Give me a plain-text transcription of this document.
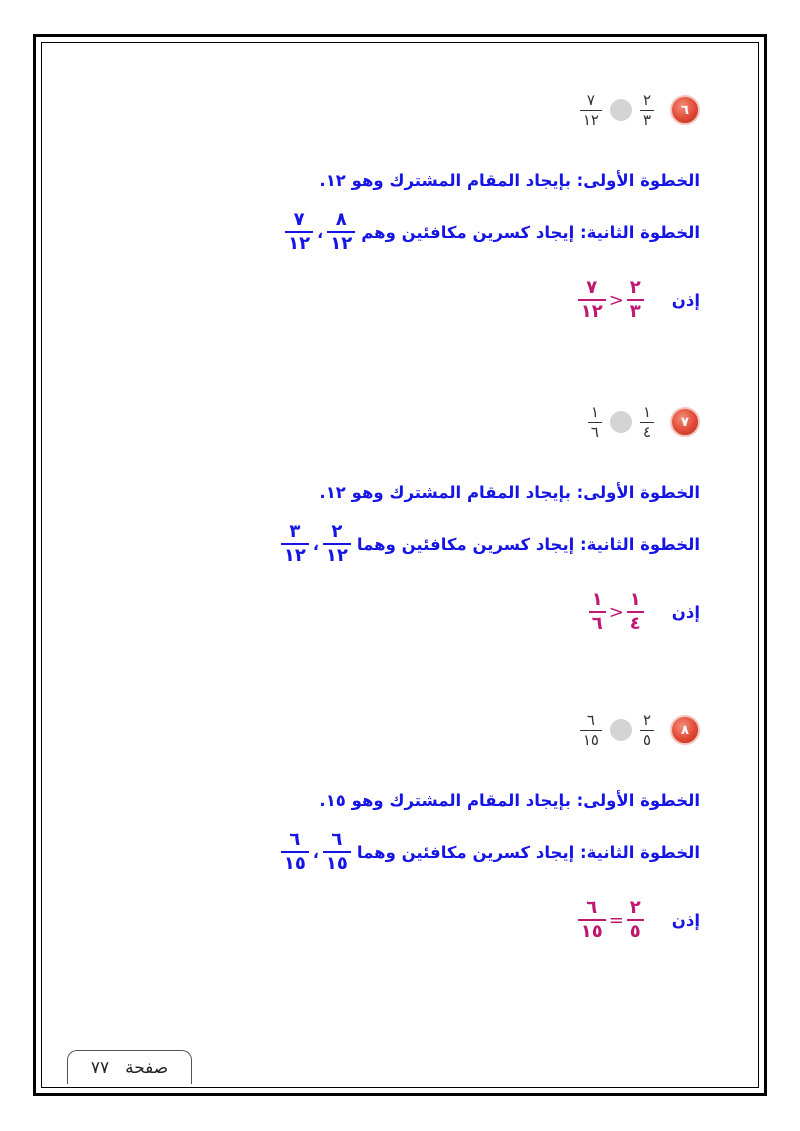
٦
$\frac{٢}{٣}$
$\frac{٧}{١٢}$
الخطوة الأولى: بإيجاد المقام المشترك وهو ١٢.
الخطوة الثانية: إيجاد كسرين مكافئين وهم
$\frac{٨}{١٢}$
،
$\frac{٧}{١٢}$
إذن
$\frac{٢}{٣}$
<
$\frac{٧}{١٢}$
٧
$\frac{١}{٤}$
$\frac{١}{٦}$
الخطوة الأولى: بإيجاد المقام المشترك وهو ١٢.
الخطوة الثانية: إيجاد كسرين مكافئين وهما
$\frac{٢}{١٢}$
،
$\frac{٣}{١٢}$
إذن
$\frac{١}{٤}$
<
$\frac{١}{٦}$
٨
$\frac{٢}{٥}$
$\frac{٦}{١٥}$
الخطوة الأولى: بإيجاد المقام المشترك وهو ١٥.
الخطوة الثانية: إيجاد كسرين مكافئين وهما
$\frac{٦}{١٥}$
،
$\frac{٦}{١٥}$
إذن
$\frac{٢}{٥}$
=
$\frac{٦}{١٥}$
صفحة
٧٧
